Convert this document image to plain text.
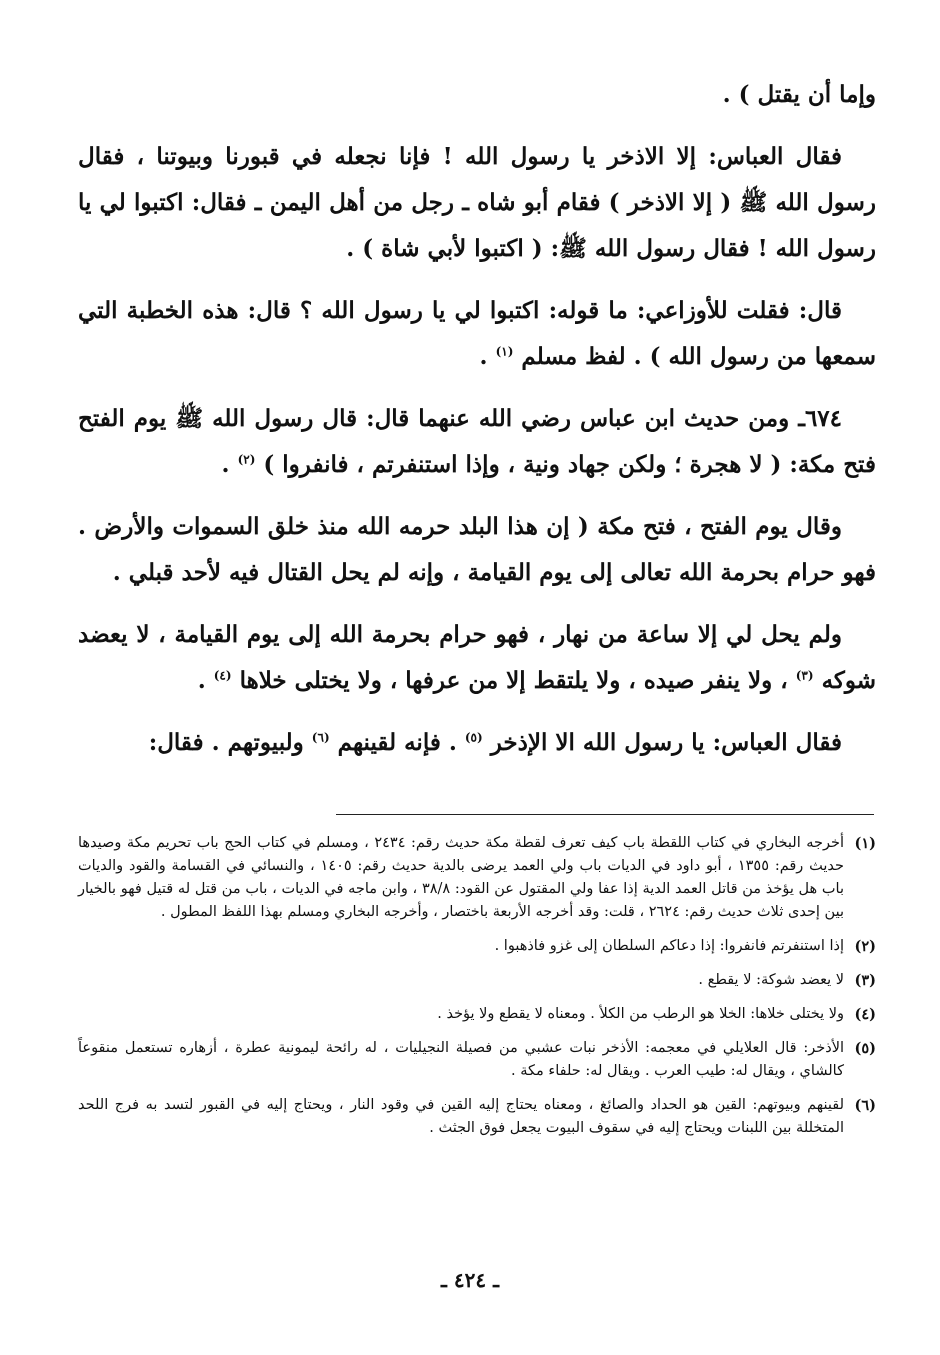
وإما أن يقتل ) .

فقال العباس: إلا الاذخر يا رسول الله ! فإنا نجعله في قبورنا وبيوتنا ، فقال رسول الله ﷺ ( إلا الاذخر ) فقام أبو شاه ـ رجل من أهل اليمن ـ فقال: اكتبوا لي يا رسول الله ! فقال رسول الله ﷺ: ( اكتبوا لأبي شاة ) .

قال: فقلت للأوزاعي: ما قوله: اكتبوا لي يا رسول الله ؟ قال: هذه الخطبة التي سمعها من رسول الله ) . لفظ مسلم $^{(١)}$ .

٦٧٤ـ ومن حديث ابن عباس رضي الله عنهما قال: قال رسول الله ﷺ يوم الفتح فتح مكة: ( لا هجرة ؛ ولكن جهاد ونية ، وإذا استنفرتم ، فانفروا ) $^{(٢)}$ .

وقال يوم الفتح ، فتح مكة ( إن هذا البلد حرمه الله منذ خلق السموات والأرض . فهو حرام بحرمة الله تعالى إلى يوم القيامة ، وإنه لم يحل القتال فيه لأحد قبلي .

ولم يحل لي إلا ساعة من نهار ، فهو حرام بحرمة الله إلى يوم القيامة ، لا يعضد شوكه $^{(٣)}$ ، ولا ينفر صيده ، ولا يلتقط إلا من عرفها ، ولا يختلى خلاها $^{(٤)}$ .

فقال العباس: يا رسول الله الا الإذخر $^{(٥)}$ . فإنه لقينهم $^{(٦)}$ ولبيوتهم . فقال:

(١)
أخرجه البخاري في كتاب اللقطة باب كيف تعرف لقطة مكة حديث رقم: ٢٤٣٤ ، ومسلم في كتاب الحج باب تحريم مكة وصيدها حديث رقم: ١٣٥٥ ، أبو داود في الديات باب ولي العمد يرضى بالدية حديث رقم: ١٤٠٥ ، والنسائي في القسامة والقود والديات باب هل يؤخذ من قاتل العمد الدية إذا عفا ولي المقتول عن القود: ٣٨/٨ ، وابن ماجه في الديات ، باب من قتل له قتيل فهو بالخيار بين إحدى ثلاث حديث رقم: ٢٦٢٤ ، قلت: وقد أخرجه الأربعة باختصار ، وأخرجه البخاري ومسلم بهذا اللفظ المطول .
(٢)
إذا استنفرتم فانفروا: إذا دعاكم السلطان إلى غزو فاذهبوا .
(٣)
لا يعضد شوكة: لا يقطع .
(٤)
ولا يختلى خلاها: الخلا هو الرطب من الكلأ . ومعناه لا يقطع ولا يؤخذ .
(٥)
الأذخر: قال العلايلي في معجمه: الأذخر نبات عشبي من فصيلة النجيليات ، له رائحة ليمونية عطرة ، أزهاره تستعمل منقوعاً كالشاي ، ويقال له: طيب العرب . ويقال له: حلفاء مكة .
(٦)
لقينهم وبيوتهم: القين هو الحداد والصائغ ، ومعناه يحتاج إليه القين في وقود النار ، ويحتاج إليه في القبور لتسد به فرج اللحد المتخللة بين اللبنات ويحتاج إليه في سقوف البيوت يجعل فوق الجثث .
ـ ٤٢٤ ـ
